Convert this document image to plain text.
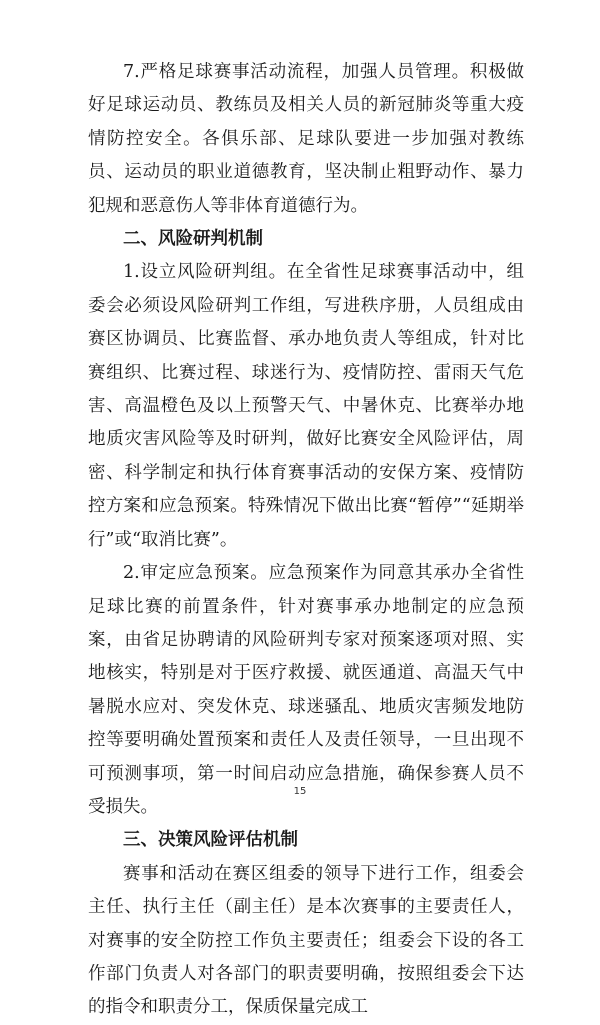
7.严格足球赛事活动流程，加强人员管理。积极做好足球运动员、教练员及相关人员的新冠肺炎等重大疫情防控安全。各俱乐部、足球队要进一步加强对教练员、运动员的职业道德教育，坚决制止粗野动作、暴力犯规和恶意伤人等非体育道德行为。

二、风险研判机制

1.设立风险研判组。在全省性足球赛事活动中，组委会必须设风险研判工作组，写进秩序册，人员组成由赛区协调员、比赛监督、承办地负责人等组成，针对比赛组织、比赛过程、球迷行为、疫情防控、雷雨天气危害、高温橙色及以上预警天气、中暑休克、比赛举办地地质灾害风险等及时研判，做好比赛安全风险评估，周密、科学制定和执行体育赛事活动的安保方案、疫情防控方案和应急预案。特殊情况下做出比赛“暂停”“延期举行”或“取消比赛”。

2.审定应急预案。应急预案作为同意其承办全省性足球比赛的前置条件，针对赛事承办地制定的应急预案，由省足协聘请的风险研判专家对预案逐项对照、实地核实，特别是对于医疗救援、就医通道、高温天气中暑脱水应对、突发休克、球迷骚乱、地质灾害频发地防控等要明确处置预案和责任人及责任领导，一旦出现不可预测事项，第一时间启动应急措施，确保参赛人员不受损失。

三、决策风险评估机制

赛事和活动在赛区组委的领导下进行工作，组委会主任、执行主任（副主任）是本次赛事的主要责任人，对赛事的安全防控工作负主要责任；组委会下设的各工作部门负责人对各部门的职责要明确，按照组委会下达的指令和职责分工，保质保量完成工

15
